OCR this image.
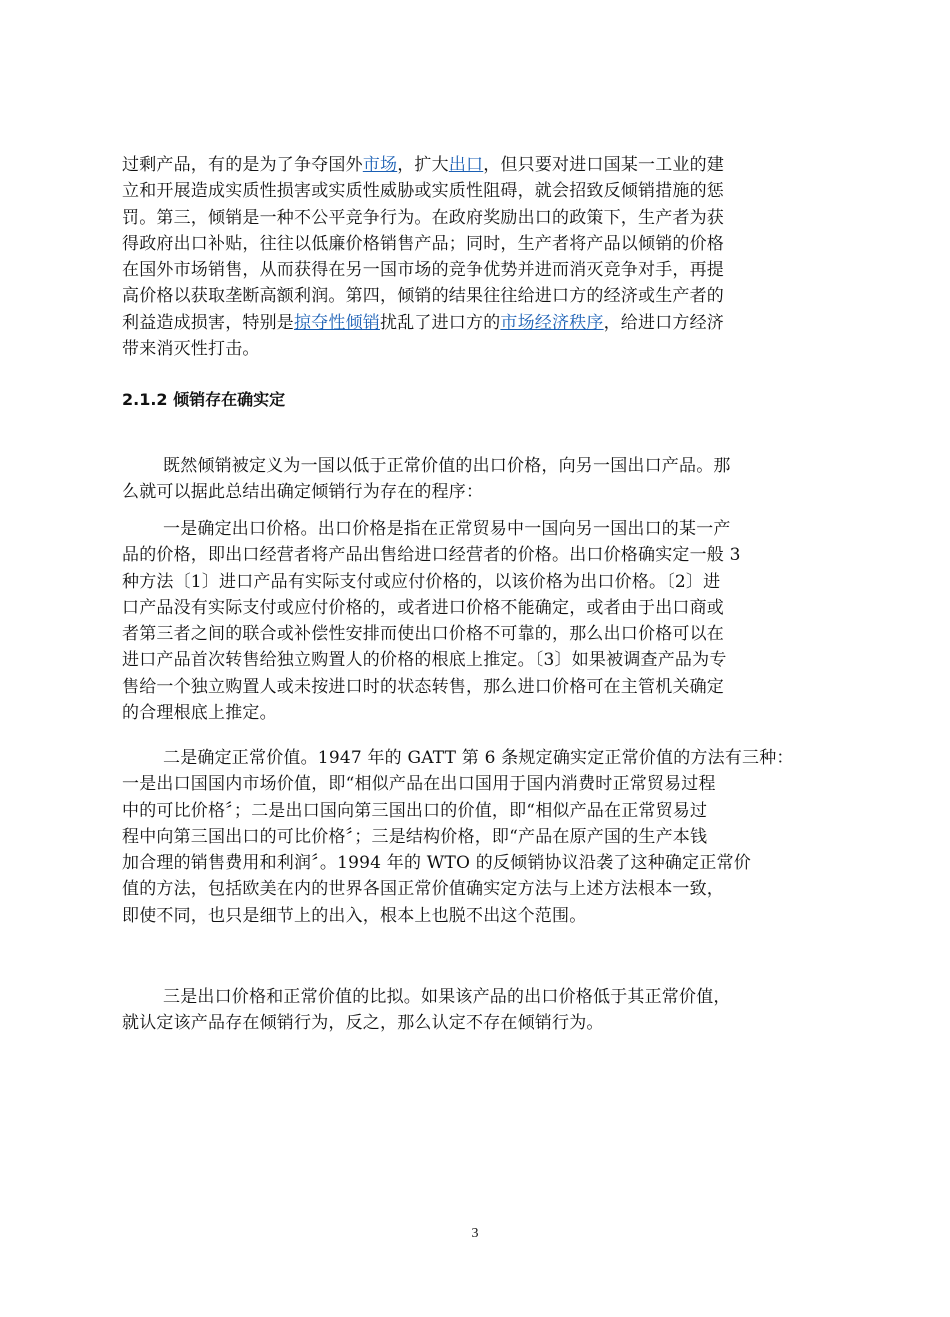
过剩产品，有的是为了争夺国外市场，扩大出口，但只要对进口国某一工业的建
立和开展造成实质性损害或实质性威胁或实质性阻碍，就会招致反倾销措施的惩
罚。第三，倾销是一种不公平竞争行为。在政府奖励出口的政策下，生产者为获
得政府出口补贴，往往以低廉价格销售产品；同时，生产者将产品以倾销的价格
在国外市场销售，从而获得在另一国市场的竞争优势并进而消灭竞争对手，再提
高价格以获取垄断高额利润。第四，倾销的结果往往给进口方的经济或生产者的
利益造成损害，特别是掠夺性倾销扰乱了进口方的市场经济秩序，给进口方经济
带来消灭性打击。
2.1.2 倾销存在确实定
既然倾销被定义为一国以低于正常价值的出口价格，向另一国出口产品。那
么就可以据此总结出确定倾销行为存在的程序：
一是确定出口价格。出口价格是指在正常贸易中一国向另一国出口的某一产
品的价格，即出口经营者将产品出售给进口经营者的价格。出口价格确实定一般 3
种方法〔1〕进口产品有实际支付或应付价格的，以该价格为出口价格。〔2〕进
口产品没有实际支付或应付价格的，或者进口价格不能确定，或者由于出口商或
者第三者之间的联合或补偿性安排而使出口价格不可靠的，那么出口价格可以在
进口产品首次转售给独立购置人的价格的根底上推定。〔3〕如果被调查产品为专
售给一个独立购置人或未按进口时的状态转售，那么进口价格可在主管机关确定
的合理根底上推定。
二是确定正常价值。1947 年的 GATT 第 6 条规定确实定正常价值的方法有三种：
一是出口国国内市场价值，即“相似产品在出口国用于国内消费时正常贸易过程
中的可比价格〞；二是出口国向第三国出口的价值，即“相似产品在正常贸易过
程中向第三国出口的可比价格〞；三是结构价格，即“产品在原产国的生产本钱
加合理的销售费用和利润〞。1994 年的 WTO 的反倾销协议沿袭了这种确定正常价
值的方法，包括欧美在内的世界各国正常价值确实定方法与上述方法根本一致，
即使不同，也只是细节上的出入，根本上也脱不出这个范围。
三是出口价格和正常价值的比拟。如果该产品的出口价格低于其正常价值，
就认定该产品存在倾销行为，反之，那么认定不存在倾销行为。
3
